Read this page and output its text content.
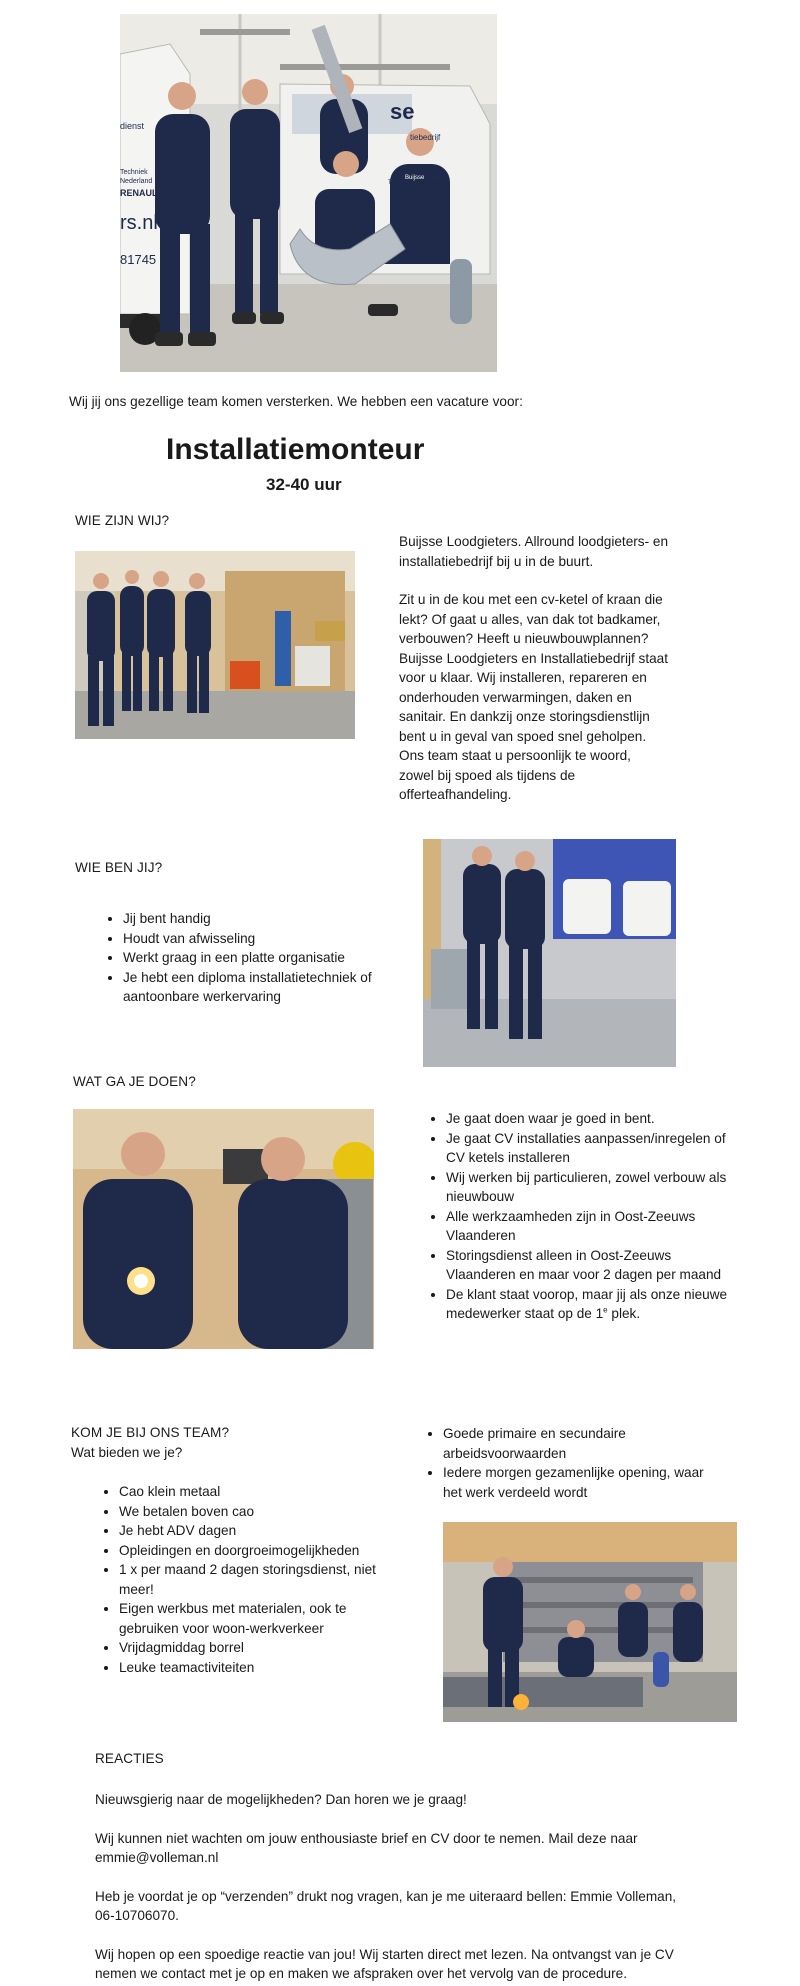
dienst
Techniek
Nederland
RENAULT
rs.nl
81745
se
tiebedrijf
Techniek Nederland
Buijsse

Wij jij ons gezellige team komen versterken. We hebben een vacature voor:

Installatiemonteur
32-40 uur
WIE ZIJN WIJ?

Buijsse Loodgieters. Allround loodgieters- en installatiebedrijf bij u in de buurt.

Zit u in de kou met een cv-ketel of kraan die lekt? Of gaat u alles, van dak tot badkamer, verbouwen? Heeft u nieuwbouwplannen? Buijsse Loodgieters en Installatiebedrijf staat voor u klaar. Wij installeren, repareren en onderhouden verwarmingen, daken en sanitair. En dankzij onze storingsdienstlijn bent u in geval van spoed snel geholpen. Ons team staat u persoonlijk te woord, zowel bij spoed als tijdens de offerteafhandeling.

WIE BEN JIJ?
• Jij bent handig
• Houdt van afwisseling
• Werkt graag in een platte organisatie
• Je hebt een diploma installatietechniek of aantoonbare werkervaring
WAT GA JE DOEN?
• Je gaat doen waar je goed in bent.
• Je gaat CV installaties aanpassen/inregelen of CV ketels installeren
• Wij werken bij particulieren, zowel verbouw als nieuwbouw
• Alle werkzaamheden zijn in Oost-Zeeuws Vlaanderen
• Storingsdienst alleen in Oost-Zeeuws Vlaanderen en maar voor 2 dagen per maand
• De klant staat voorop, maar jij als onze nieuwe medewerker staat op de 1e plek.
KOM JE BIJ ONS TEAM?
Wat bieden we je?
• Cao klein metaal
• We betalen boven cao
• Je hebt ADV dagen
• Opleidingen en doorgroeimogelijkheden
• 1 x per maand 2 dagen storingsdienst, niet meer!
• Eigen werkbus met materialen, ook te gebruiken voor woon-werkverkeer
• Vrijdagmiddag borrel
• Leuke teamactiviteiten
• Goede primaire en secundaire arbeidsvoorwaarden
• Iedere morgen gezamenlijke opening, waar het werk verdeeld wordt
REACTIES

Nieuwsgierig naar de mogelijkheden? Dan horen we je graag!

Wij kunnen niet wachten om jouw enthousiaste brief en CV door te nemen. Mail deze naar emmie@volleman.nl

Heb je voordat je op “verzenden” drukt nog vragen, kan je me uiteraard bellen: Emmie Volleman, 06-10706070.

Wij hopen op een spoedige reactie van jou! Wij starten direct met lezen. Na ontvangst van je CV nemen we contact met je op en maken we afspraken over het vervolg van de procedure.
